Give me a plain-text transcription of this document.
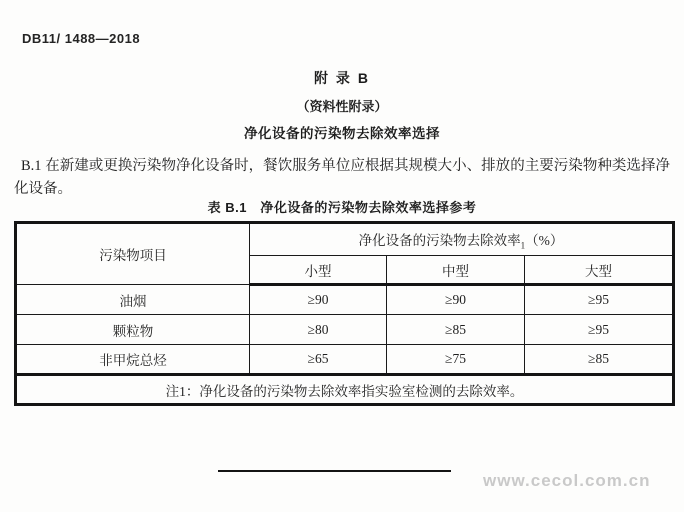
DB11/ 1488—2018
附 录 B
（资料性附录）
净化设备的污染物去除效率选择

B.1 在新建或更换污染物净化设备时，餐饮服务单位应根据其规模大小、排放的主要污染物种类选择净化设备。

表 B.1　净化设备的污染物去除效率选择参考
污染物项目	净化设备的污染物去除效率$_1$（%）		
	小型	中型	大型
油烟	≥90	≥90	≥95
颗粒物	≥80	≥85	≥95
非甲烷总烃	≥65	≥75	≥85
注1：净化设备的污染物去除效率指实验室检测的去除效率。			
www.cecol.com.cn
